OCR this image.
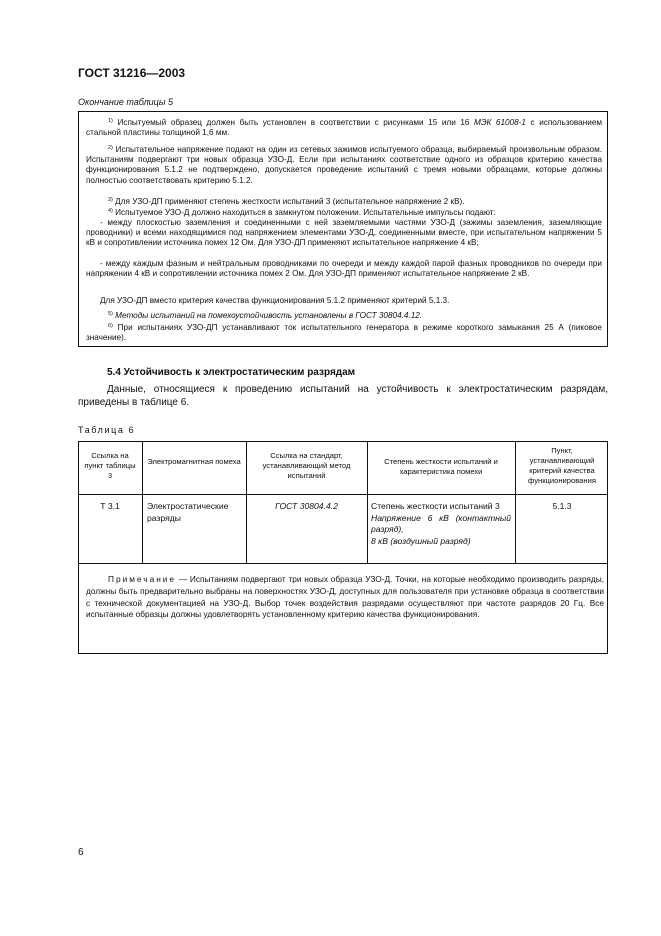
ГОСТ 31216—2003
Окончание таблицы 5
$^{1)}$ Испытуемый образец должен быть установлен в соответствии с рисунками 15 или 16 МЭК 61008-1 с использованием стальной пластины толщиной 1,6 мм.
$^{2)}$ Испытательное напряжение подают на один из сетевых зажимов испытуемого образца, выбираемый произвольным образом. Испытаниям подвергают три новых образца УЗО-Д. Если при испытаниях соответствие одного из образцов критерию качества функционирования 5.1.2 не подтверждено, допускается проведение испытаний с тремя новыми образцами, которые должны полностью соответствовать критерию 5.1.2.
$^{3)}$ Для УЗО-ДП применяют степень жесткости испытаний 3 (испытательное напряжение 2 кВ).
$^{4)}$ Испытуемое УЗО-Д должно находиться в замкнутом положении. Испытательные импульсы подают:
- между плоскостью заземления и соединенными с ней заземляемыми частями УЗО-Д (зажимы заземления, заземляющие проводники) и всеми находящимися под напряжением элементами УЗО-Д, соединенными вместе, при испытательном напряжении 5 кВ и сопротивлении источника помех 12 Ом. Для УЗО-ДП применяют испытательное напряжение 4 кВ;
- между каждым фазным и нейтральным проводниками по очереди и между каждой парой фазных проводников по очереди при напряжении 4 кВ и сопротивлении источника помех 2 Ом. Для УЗО-ДП применяют испытательное напряжение 2 кВ.
Для УЗО-ДП вместо критерия качества функционирования 5.1.2 применяют критерий 5.1.3.
$^{5)}$ Методы испытаний на помехоустойчивость установлены в ГОСТ 30804.4.12.
$^{6)}$ При испытаниях УЗО-ДП устанавливают ток испытательного генератора в режиме короткого замыкания 25 А (пиковое значение).
5.4 Устойчивость к электростатическим разрядам
Данные, относящиеся к проведению испытаний на устойчивость к электростатическим разрядам, приведены в таблице 6.
Таблица 6
Ссылка на пункт таблицы 3
Электромагнитная помеха
Ссылка на стандарт, устанавливающий метод испытаний
Степень жесткости испытаний и характеристика помехи
Пункт, устанавливающий критерий качества функционирования
Т 3.1	Электростатические разряды
ГОСТ 30804.4.2	Степень жесткости испытаний 3
Напряжение 6 кВ (контактный разряд),
8 кВ (воздушный разряд)
5.1.3
Примечание — Испытаниям подвергают три новых образца УЗО-Д. Точки, на которые необходимо производить разряды, должны быть предварительно выбраны на поверхностях УЗО-Д, доступных для пользователя при установке образца в соответствии с технической документацией на УЗО-Д. Выбор точек воздействия разрядами осуществляют при частоте разрядов 20 Гц. Все испытанные образцы должны удовлетворять установленному критерию качества функционирования.
6
